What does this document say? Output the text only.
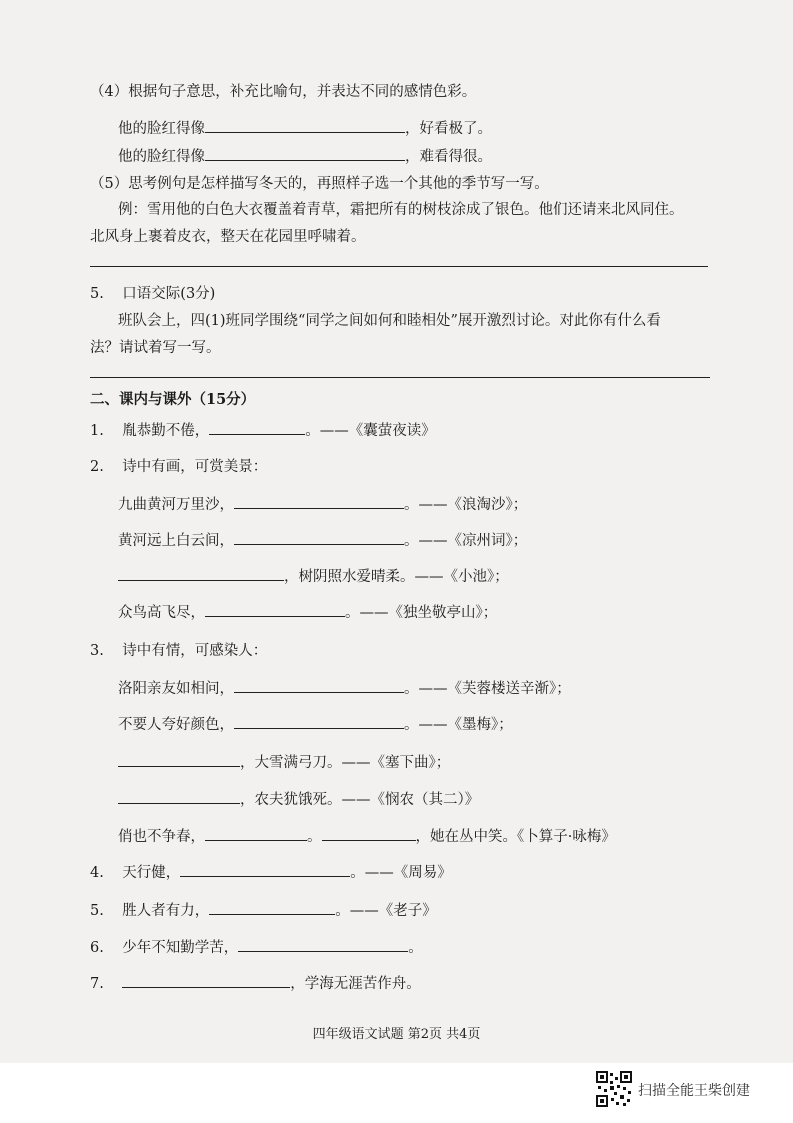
（4）根据句子意思，补充比喻句，并表达不同的感情色彩。
他的脸红得像	，好看极了。
他的脸红得像	，难看得很。
（5）思考例句是怎样描写冬天的，再照样子选一个其他的季节写一写。
例：雪用他的白色大衣覆盖着青草，霜把所有的树枝涂成了银色。他们还请来北风同住。
北风身上裹着皮衣，整天在花园里呼啸着。
5. 口语交际(3分)
班队会上，四(1)班同学围绕“同学之间如何和睦相处”展开激烈讨论。对此你有什么看
法？请试着写一写。
二、课内与课外（15分）
1. 胤恭勤不倦，	。——《囊萤夜读》
2. 诗中有画，可赏美景：
九曲黄河万里沙，	。——《浪淘沙》；
黄河远上白云间，	。——《凉州词》；
，树阴照水爱晴柔。——《小池》；
众鸟高飞尽，	。——《独坐敬亭山》；
3. 诗中有情，可感染人：
洛阳亲友如相问，	。——《芙蓉楼送辛渐》；
不要人夸好颜色，	。——《墨梅》；
，大雪满弓刀。——《塞下曲》；
，农夫犹饿死。——《悯农（其二）》
俏也不争春，	。	，她在丛中笑。《卜算子·咏梅》
4. 天行健，	。——《周易》
5. 胜人者有力，	。——《老子》
6. 少年不知勤学苦，	。
7.	，学海无涯苦作舟。
四年级语文试题 第2页 共4页
扫描全能王柴创建
